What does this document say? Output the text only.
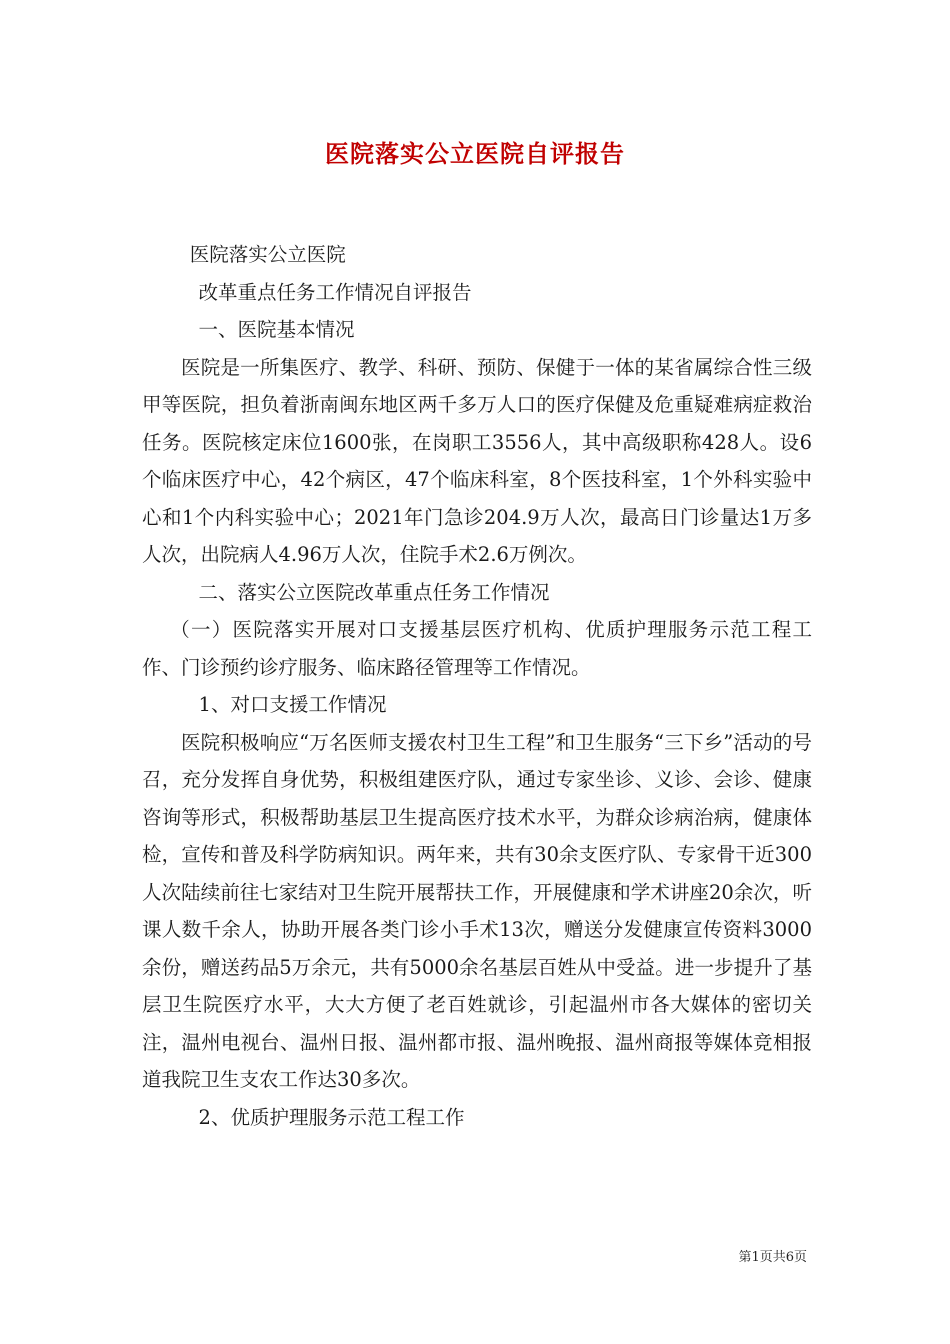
医院落实公立医院自评报告

医院落实公立医院

改革重点任务工作情况自评报告

一、医院基本情况

医院是一所集医疗、教学、科研、预防、保健于一体的某省属综合性三级甲等医院，担负着浙南闽东地区两千多万人口的医疗保健及危重疑难病症救治任务。医院核定床位1600张，在岗职工3556人，其中高级职称428人。设6个临床医疗中心，42个病区，47个临床科室，8个医技科室，1个外科实验中心和1个内科实验中心；2021年门急诊204.9万人次，最高日门诊量达1万多人次，出院病人4.96万人次，住院手术2.6万例次。

二、落实公立医院改革重点任务工作情况

（一）医院落实开展对口支援基层医疗机构、优质护理服务示范工程工作、门诊预约诊疗服务、临床路径管理等工作情况。

1、对口支援工作情况

医院积极响应“万名医师支援农村卫生工程”和卫生服务“三下乡”活动的号召，充分发挥自身优势，积极组建医疗队，通过专家坐诊、义诊、会诊、健康咨询等形式，积极帮助基层卫生提高医疗技术水平，为群众诊病治病，健康体检，宣传和普及科学防病知识。两年来，共有30余支医疗队、专家骨干近300人次陆续前往七家结对卫生院开展帮扶工作，开展健康和学术讲座20余次，听课人数千余人，协助开展各类门诊小手术13次，赠送分发健康宣传资料3000余份，赠送药品5万余元，共有5000余名基层百姓从中受益。进一步提升了基层卫生院医疗水平，大大方便了老百姓就诊，引起温州市各大媒体的密切关注，温州电视台、温州日报、温州都市报、温州晚报、温州商报等媒体竞相报道我院卫生支农工作达30多次。

2、优质护理服务示范工程工作

第1页共6页
